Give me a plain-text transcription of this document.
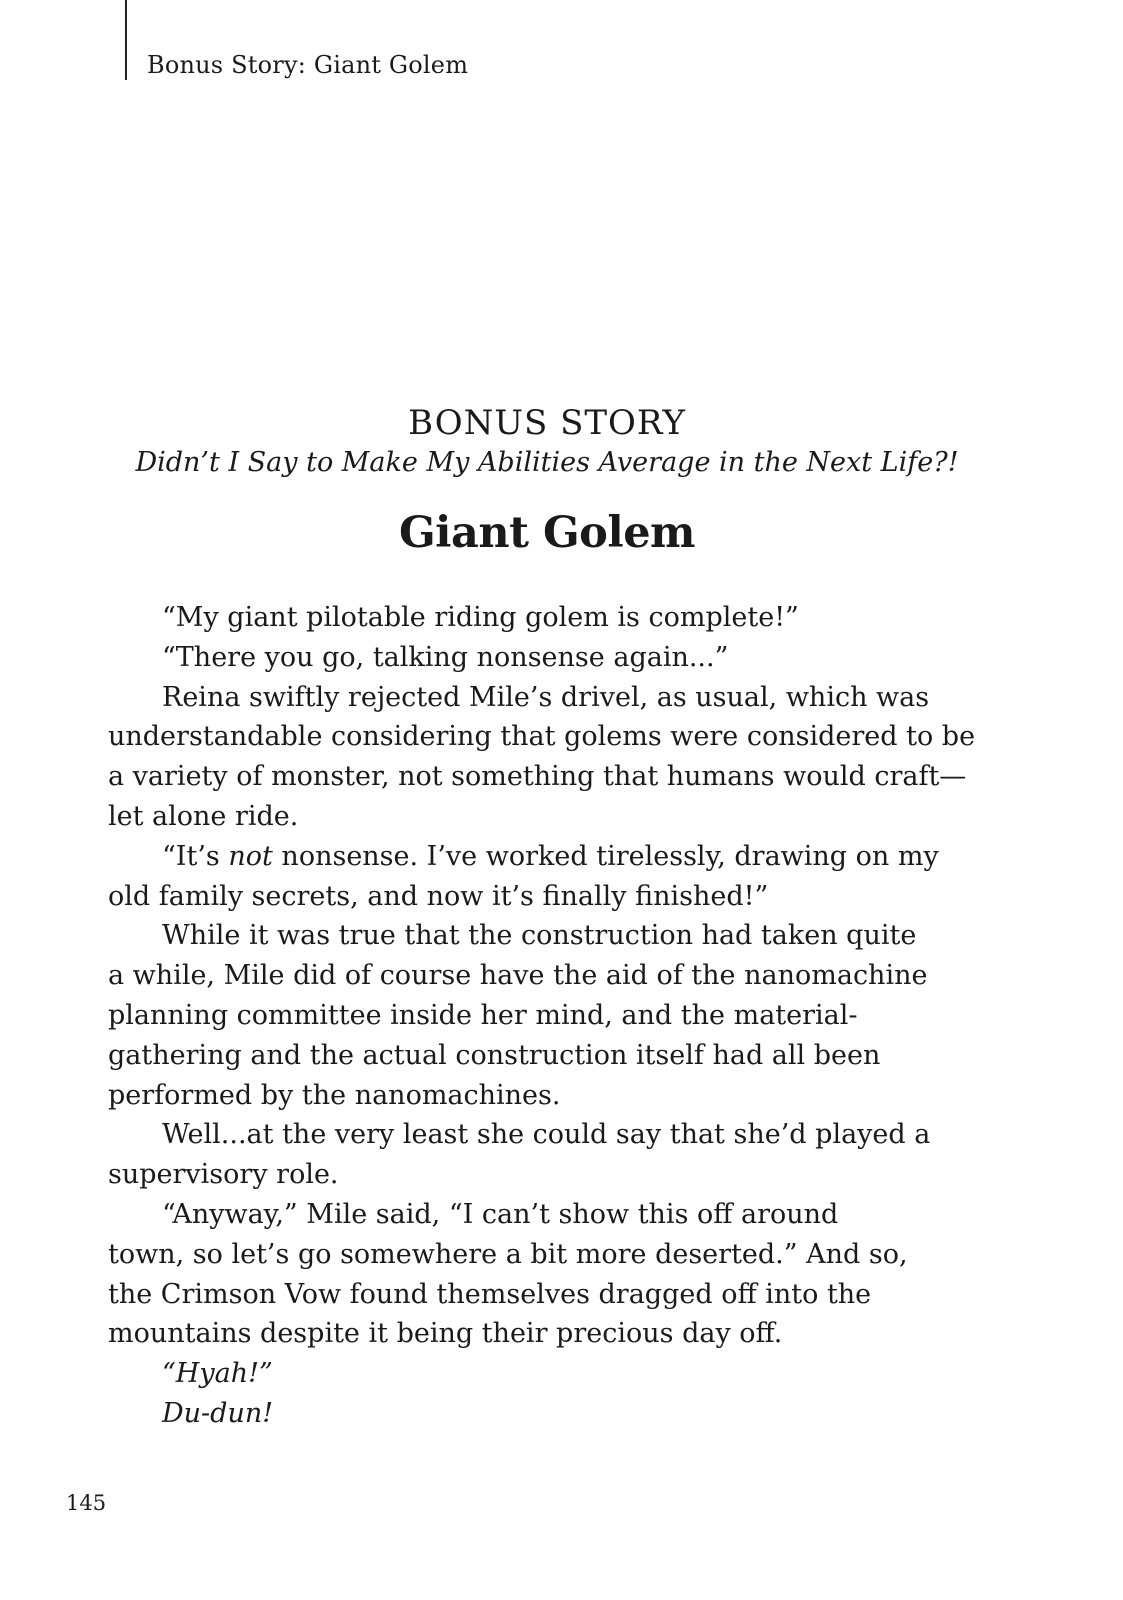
Bonus Story: Giant Golem
BONUS STORY
Didn’t I Say to Make My Abilities Average in the Next Life?!
Giant Golem
“My giant pilotable riding golem is complete!”
“There you go, talking nonsense again...”
Reina swiftly rejected Mile’s drivel, as usual, which was
understandable considering that golems were considered to be
a variety of monster, not something that humans would craft—
let alone ride.
“It’s not nonsense. I’ve worked tirelessly, drawing on my
old family secrets, and now it’s finally finished!”
While it was true that the construction had taken quite
a while, Mile did of course have the aid of the nanomachine
planning committee inside her mind, and the material-
gathering and the actual construction itself had all been
performed by the nanomachines.
Well...at the very least she could say that she’d played a
supervisory role.
“Anyway,” Mile said, “I can’t show this off around
town, so let’s go somewhere a bit more deserted.” And so,
the Crimson Vow found themselves dragged off into the
mountains despite it being their precious day off.
“Hyah!”
Du-dun!
145
